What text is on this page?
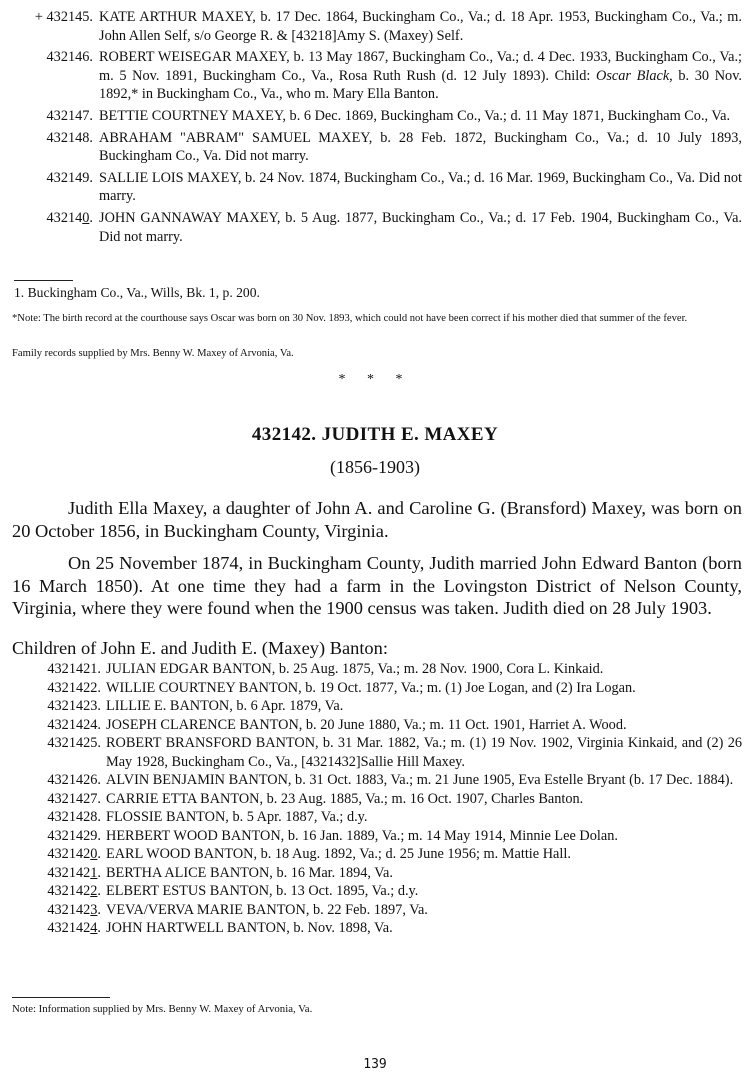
+ 432145. KATE ARTHUR MAXEY, b. 17 Dec. 1864, Buckingham Co., Va.; d. 18 Apr. 1953, Buckingham Co., Va.; m. John Allen Self, s/o George R. & [43218]Amy S. (Maxey) Self.
432146. ROBERT WEISEGAR MAXEY, b. 13 May 1867, Buckingham Co., Va.; d. 4 Dec. 1933, Buckingham Co., Va.; m. 5 Nov. 1891, Buckingham Co., Va., Rosa Ruth Rush (d. 12 July 1893). Child: Oscar Black, b. 30 Nov. 1892,* in Buckingham Co., Va., who m. Mary Ella Banton.
432147. BETTIE COURTNEY MAXEY, b. 6 Dec. 1869, Buckingham Co., Va.; d. 11 May 1871, Buckingham Co., Va.
432148. ABRAHAM "ABRAM" SAMUEL MAXEY, b. 28 Feb. 1872, Buckingham Co., Va.; d. 10 July 1893, Buckingham Co., Va. Did not marry.
432149. SALLIE LOIS MAXEY, b. 24 Nov. 1874, Buckingham Co., Va.; d. 16 Mar. 1969, Buckingham Co., Va. Did not marry.
432140. JOHN GANNAWAY MAXEY, b. 5 Aug. 1877, Buckingham Co., Va.; d. 17 Feb. 1904, Buckingham Co., Va. Did not marry.
1. Buckingham Co., Va., Wills, Bk. 1, p. 200.
*Note: The birth record at the courthouse says Oscar was born on 30 Nov. 1893, which could not have been correct if his mother died that summer of the fever.
Family records supplied by Mrs. Benny W. Maxey of Arvonia, Va.
* * *
432142. JUDITH E. MAXEY
(1856-1903)

Judith Ella Maxey, a daughter of John A. and Caroline G. (Bransford) Maxey, was born on 20 October 1856, in Buckingham County, Virginia.

On 25 November 1874, in Buckingham County, Judith married John Edward Banton (born 16 March 1850). At one time they had a farm in the Lovingston District of Nelson County, Virginia, where they were found when the 1900 census was taken. Judith died on 28 July 1903.

Children of John E. and Judith E. (Maxey) Banton:
4321421. JULIAN EDGAR BANTON, b. 25 Aug. 1875, Va.; m. 28 Nov. 1900, Cora L. Kinkaid.
4321422. WILLIE COURTNEY BANTON, b. 19 Oct. 1877, Va.; m. (1) Joe Logan, and (2) Ira Logan.
4321423. LILLIE E. BANTON, b. 6 Apr. 1879, Va.
4321424. JOSEPH CLARENCE BANTON, b. 20 June 1880, Va.; m. 11 Oct. 1901, Harriet A. Wood.
4321425. ROBERT BRANSFORD BANTON, b. 31 Mar. 1882, Va.; m. (1) 19 Nov. 1902, Virginia Kinkaid, and (2) 26 May 1928, Buckingham Co., Va., [4321432]Sallie Hill Maxey.
4321426. ALVIN BENJAMIN BANTON, b. 31 Oct. 1883, Va.; m. 21 June 1905, Eva Estelle Bryant (b. 17 Dec. 1884).
4321427. CARRIE ETTA BANTON, b. 23 Aug. 1885, Va.; m. 16 Oct. 1907, Charles Banton.
4321428. FLOSSIE BANTON, b. 5 Apr. 1887, Va.; d.y.
4321429. HERBERT WOOD BANTON, b. 16 Jan. 1889, Va.; m. 14 May 1914, Minnie Lee Dolan.
4321420. EARL WOOD BANTON, b. 18 Aug. 1892, Va.; d. 25 June 1956; m. Mattie Hall.
4321421. BERTHA ALICE BANTON, b. 16 Mar. 1894, Va.
4321422. ELBERT ESTUS BANTON, b. 13 Oct. 1895, Va.; d.y.
4321423. VEVA/VERVA MARIE BANTON, b. 22 Feb. 1897, Va.
4321424. JOHN HARTWELL BANTON, b. Nov. 1898, Va.
Note: Information supplied by Mrs. Benny W. Maxey of Arvonia, Va.
139
